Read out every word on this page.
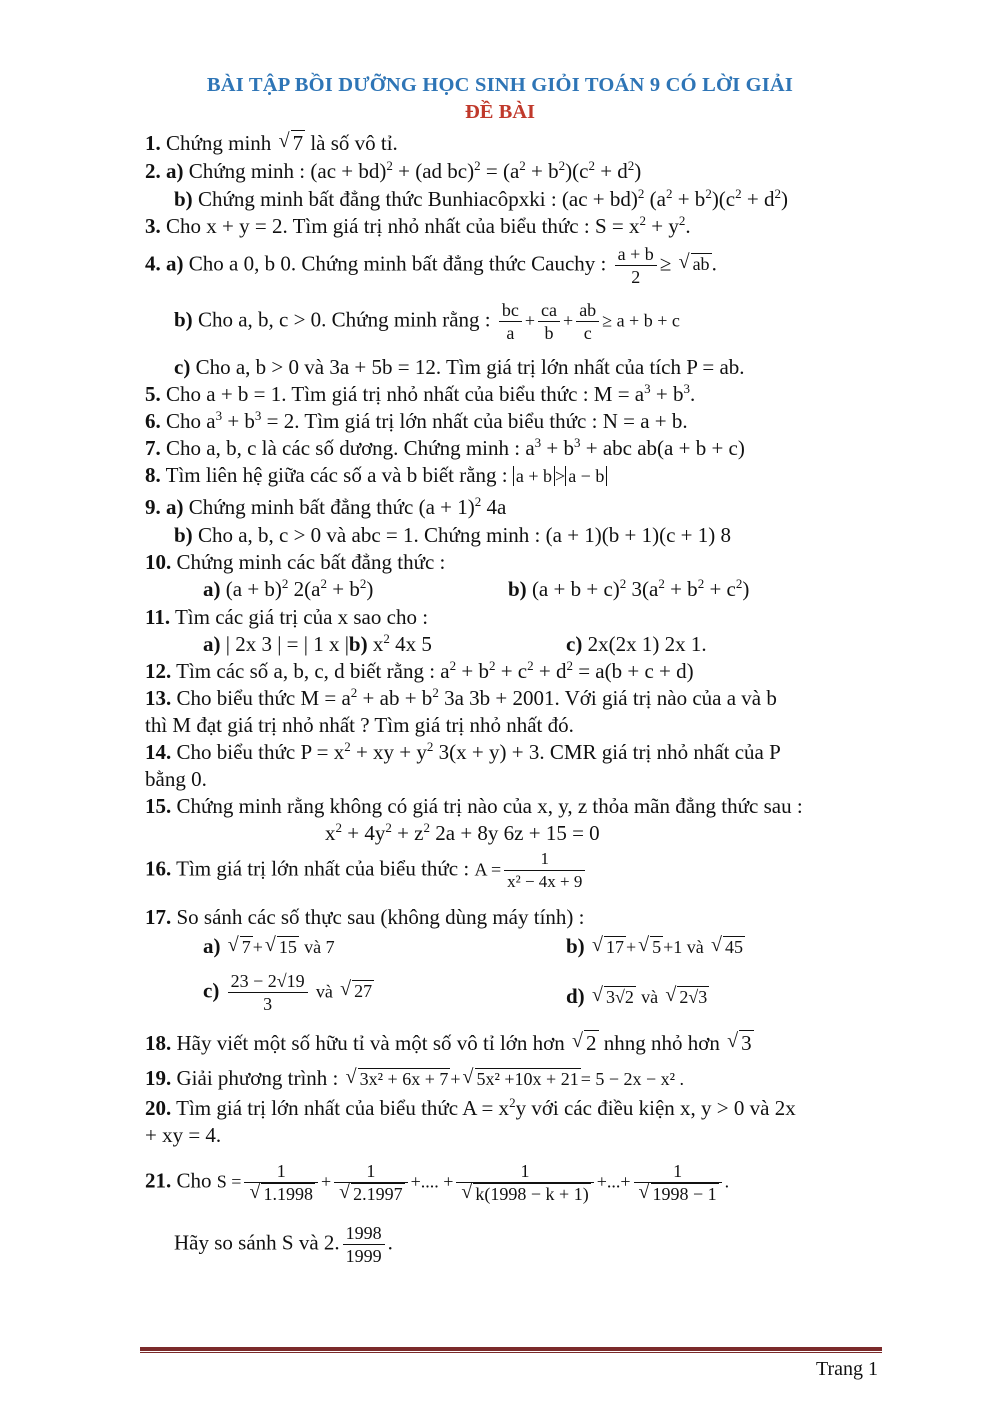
BÀI TẬP BỒI DƯỠNG HỌC SINH GIỎI TOÁN 9 CÓ LỜI GIẢI
ĐỀ BÀI
1. Chứng minh √ 7 là số vô tỉ.
2. a) Chứng minh : (ac + bd)$^2$ + (ad $bc)^2 = (a^2 + b^2)(c^2 + d^2)$
b) Chứng minh bất đẳng thức Bunhiacôpxki : (ac + bd)$^2$ $(a^2 + b^2)(c^2 + d^2)$
3. Cho x + y = 2. Tìm giá trị nhỏ nhất của biểu thức : $S = x^2 + y^2$.
4. a) Cho a 0, b 0. Chứng minh bất đẳng thức Cauchy : $\frac{a + b}{2}$ ≥ √ ab.
b) Cho a, b, c > 0. Chứng minh rằng : $\frac{bc}{a} + \frac{ca}{b} + \frac{ab}{c} \ge a + b + c$
c) Cho a, b > 0 và 3a + 5b = 12. Tìm giá trị lớn nhất của tích P = ab.
5. Cho a + b = 1. Tìm giá trị nhỏ nhất của biểu thức : $M = a^3 + b^3$.
6. Cho $a^3 + b^3 = 2$. Tìm giá trị lớn nhất của biểu thức : N = a + b.
7. Cho a, b, c là các số dương. Chứng minh : $a^3 + b^3$ + abc ab(a + b + c)
8. Tìm liên hệ giữa các số a và b biết rằng : a + b > a − b
9. a) Chứng minh bất đẳng thức $(a + 1)^2$ 4a
b) Cho a, b, c > 0 và abc = 1. Chứng minh : (a + 1)(b + 1)(c + 1) 8
10. Chứng minh các bất đẳng thức :
a) $(a + b)^2$ $2(a^2 + b^2)$	b) $(a + b + c)^2$ $3(a^2 + b^2 + c^2)$
11. Tìm các giá trị của x sao cho :
a) | 2x 3 | = | 1 x |b) $x^2$ 4x 5	c) 2x(2x 1) 2x 1.
12. Tìm các số a, b, c, d biết rằng : $a^2 + b^2 + c^2 + d^2 = a(b + c + d)$
13. Cho biểu thức $M = a^2$ + ab + $b^2$ 3a 3b + 2001. Với giá trị nào của a và b
thì M đạt giá trị nhỏ nhất ? Tìm giá trị nhỏ nhất đó.
14. Cho biểu thức $P = x^2$ + xy + $y^2$ 3(x + y) + 3. CMR giá trị nhỏ nhất của P
bằng 0.
15. Chứng minh rằng không có giá trị nào của x, y, z thỏa mãn đẳng thức sau :
$x^2 + 4y^2 + z^2$ 2a + 8y 6z + 15 = 0
16. Tìm giá trị lớn nhất của biểu thức : $A = \frac{1}{\text{x² − 4x + 9}}$
17. So sánh các số thực sau (không dùng máy tính) :
a) √ 7 + √ 15 và 7	b) √ 17 + √ 5 +1 và √ 45
$c) \frac{23 - 2√19}{3}$ và √ 27	d) √ 3√2 và √ 2√3
18. Hãy viết một số hữu tỉ và một số vô tỉ lớn hơn √ 2 nhng nhỏ hơn √ 3
19. Giải phương trình : √ 3x² + 6x + 7 + √ 5x² +10x + 21 = 5 − 2x − x² .
20. Tìm giá trị lớn nhất của biểu thức $A = x^2y$ với các điều kiện x, y > 0 và 2x
+ xy = 4.
21. Cho S = 1
√ 1.1998 + 1
√ 2.1997 +.... + 1
√ k(1998 − k + 1) +...+ 1
√ 1998 − 1 .
Hãy so sánh S và 2. $\frac{1998}{1999}$ .
Trang 1
